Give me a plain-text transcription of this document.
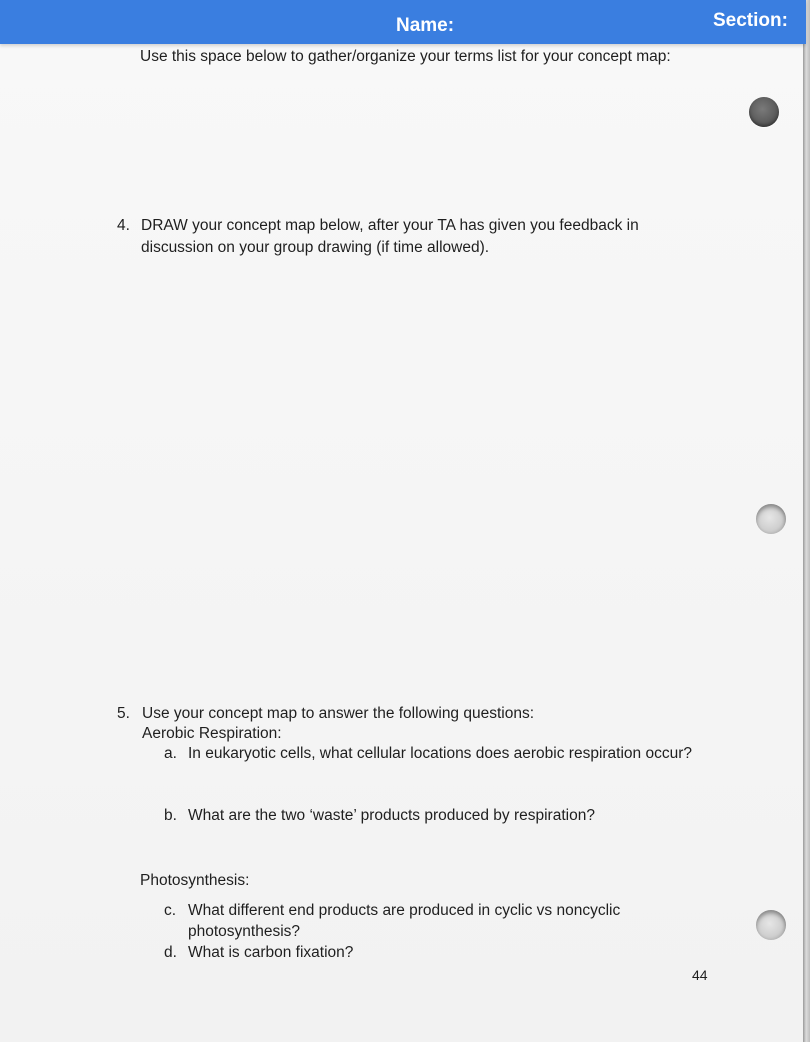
Name:	Section:
Use this space below to gather/organize your terms list for your concept map:
4. DRAW your concept map below, after your TA has given you feedback in
discussion on your group drawing (if time allowed).
5. Use your concept map to answer the following questions:
Aerobic Respiration:
a. In eukaryotic cells, what cellular locations does aerobic respiration occur?
b. What are the two ‘waste’ products produced by respiration?
Photosynthesis:
c. What different end products are produced in cyclic vs noncyclic
photosynthesis?
d. What is carbon fixation?
44
